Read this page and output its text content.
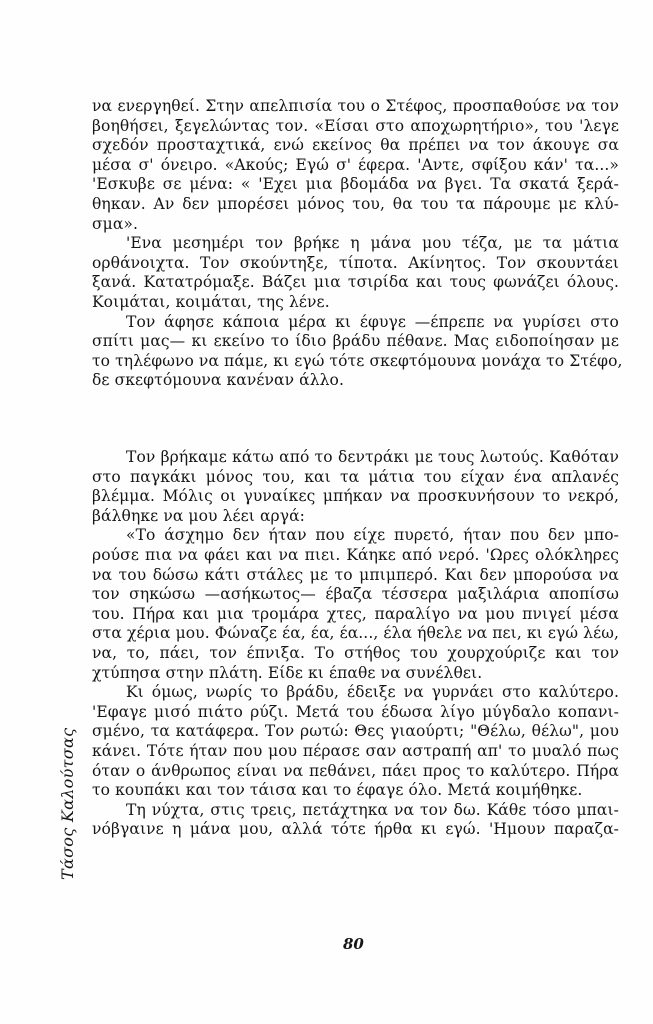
να ενεργηθεί. Στην απελπισία του ο Στέφος, προσπαθούσε να τον
βοηθήσει, ξεγελώντας τον. «Είσαι στο αποχωρητήριο», του 'λεγε
σχεδόν προσταχτικά, ενώ εκείνος θα πρέπει να τον άκουγε σα
μέσα σ' όνειρο. «Ακούς; Εγώ σ' έφερα. 'Αντε, σφίξου κάν' τα...»
'Εσκυβε σε μένα: « 'Εχει μια βδομάδα να βγει. Τα σκατά ξερά-
θηκαν. Αν δεν μπορέσει μόνος του, θα του τα πάρουμε με κλύ-
σμα».
'Ενα μεσημέρι τον βρήκε η μάνα μου τέζα, με τα μάτια
ορθάνοιχτα. Τον σκούντηξε, τίποτα. Ακίνητος. Τον σκουντάει
ξανά. Κατατρόμαξε. Βάζει μια τσιρίδα και τους φωνάζει όλους.
Κοιμάται, κοιμάται, της λένε.
Τον άφησε κάποια μέρα κι έφυγε —έπρεπε να γυρίσει στο
σπίτι μας— κι εκείνο το ίδιο βράδυ πέθανε. Μας ειδοποίησαν με
το τηλέφωνο να πάμε, κι εγώ τότε σκεφτόμουνα μονάχα το Στέφο,
δε σκεφτόμουνα κανέναν άλλο.
Τον βρήκαμε κάτω από το δεντράκι με τους λωτούς. Καθόταν
στο παγκάκι μόνος του, και τα μάτια του είχαν ένα απλανές
βλέμμα. Μόλις οι γυναίκες μπήκαν να προσκυνήσουν το νεκρό,
βάλθηκε να μου λέει αργά:
«Το άσχημο δεν ήταν που είχε πυρετό, ήταν που δεν μπο-
ρούσε πια να φάει και να πιει. Κάηκε από νερό. 'Ωρες ολόκληρες
να του δώσω κάτι στάλες με το μπιμπερό. Και δεν μπορούσα να
τον σηκώσω —ασήκωτος— έβαζα τέσσερα μαξιλάρια αποπίσω
του. Πήρα και μια τρομάρα χτες, παραλίγο να μου πνιγεί μέσα
στα χέρια μου. Φώναζε έα, έα, έα..., έλα ήθελε να πει, κι εγώ λέω,
να, το, πάει, τον έπνιξα. Το στήθος του χουρχούριζε και τον
χτύπησα στην πλάτη. Είδε κι έπαθε να συνέλθει.
Κι όμως, νωρίς το βράδυ, έδειξε να γυρνάει στο καλύτερο.
'Εφαγε μισό πιάτο ρύζι. Μετά του έδωσα λίγο μύγδαλο κοπανι-
σμένο, τα κατάφερα. Τον ρωτώ: Θες γιαούρτι; "Θέλω, θέλω", μου
κάνει. Τότε ήταν που μου πέρασε σαν αστραπή απ' το μυαλό πως
όταν ο άνθρωπος είναι να πεθάνει, πάει προς το καλύτερο. Πήρα
το κουπάκι και τον τάισα και το έφαγε όλο. Μετά κοιμήθηκε.
Τη νύχτα, στις τρεις, πετάχτηκα να τον δω. Κάθε τόσο μπαι-
νόβγαινε η μάνα μου, αλλά τότε ήρθα κι εγώ. 'Ημουν παραζα-
Τάσος Καλούτσας
80
